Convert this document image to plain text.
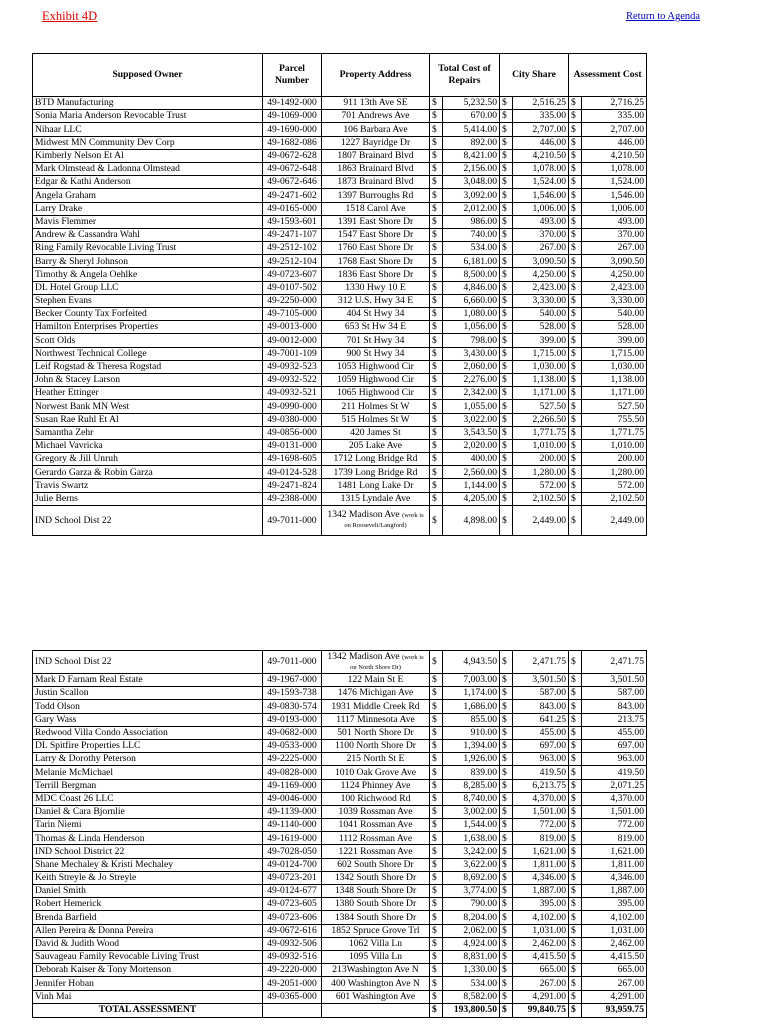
Exhibit 4D	Return to Agenda
Supposed Owner	Parcel Number	Property Address	Total Cost of Repairs		City Share		Assessment Cost	
BTD Manufacturing	49-1492-000	911 13th Ave SE	$	5,232.50	$	2,516.25	$	2,716.25
Sonia Maria Anderson Revocable Trust	49-1069-000	701 Andrews Ave	$	670.00	$	335.00	$	335.00
Nihaar LLC	49-1690-000	106 Barbara Ave	$	5,414.00	$	2,707.00	$	2,707.00
Midwest MN Community Dev Corp	49-1682-086	1227 Bayridge Dr	$	892.00	$	446.00	$	446.00
Kimberly Nelson Et Al	49-0672-628	1807 Brainard Blvd	$	8,421.00	$	4,210.50	$	4,210.50
Mark Olmstead & Ladonna Olmstead	49-0672-648	1863 Brainard Blvd	$	2,156.00	$	1,078.00	$	1,078.00
Edgar & Kathi Anderson	49-0672-646	1873 Brainard Blvd	$	3,048.00	$	1,524.00	$	1,524.00
Angela Graham	49-2471-602	1397 Burroughs Rd	$	3,092.00	$	1,546.00	$	1,546.00
Larry Drake	49-0165-000	1518 Carol Ave	$	2,012.00	$	1,006.00	$	1,006.00
Mavis Flemmer	49-1593-601	1391 East Shore Dr	$	986.00	$	493.00	$	493.00
Andrew & Cassandra Wahl	49-2471-107	1547 East Shore Dr	$	740.00	$	370.00	$	370.00
Ring Family Revocable Living Trust	49-2512-102	1760 East Shore Dr	$	534.00	$	267.00	$	267.00
Barry & Sheryl Johnson	49-2512-104	1768 East Shore Dr	$	6,181.00	$	3,090.50	$	3,090.50
Timothy & Angela Oehlke	49-0723-607	1836 East Shore Dr	$	8,500.00	$	4,250.00	$	4,250.00
DL Hotel Group LLC	49-0107-502	1330 Hwy 10 E	$	4,846.00	$	2,423.00	$	2,423.00
Stephen Evans	49-2250-000	312 U.S. Hwy 34 E	$	6,660.00	$	3,330.00	$	3,330.00
Becker County Tax Forfeited	49-7105-000	404 St Hwy 34	$	1,080.00	$	540.00	$	540.00
Hamilton Enterprises Properties	49-0013-000	653 St Hw 34 E	$	1,056.00	$	528.00	$	528.00
Scott Olds	49-0012-000	701 St Hwy 34	$	798.00	$	399.00	$	399.00
Northwest Technical College	49-7001-109	900 St Hwy 34	$	3,430.00	$	1,715.00	$	1,715.00
Leif Rogstad & Theresa Rogstad	49-0932-523	1053 Highwood Cir	$	2,060.00	$	1,030.00	$	1,030.00
John & Stacey Larson	49-0932-522	1059 Highwood Cir	$	2,276.00	$	1,138.00	$	1,138.00
Heather Ettinger	49-0932-521	1065 Highwood Cir	$	2,342.00	$	1,171.00	$	1,171.00
Norwest Bank MN West	49-0990-000	211 Holmes St W	$	1,055.00	$	527.50	$	527.50
Susan Rae Ruhl Et Al	49-0380-000	515 Holmes St W	$	3,022.00	$	2,266.50	$	755.50
Samantha Zehr	49-0856-000	420 James St	$	3,543.50	$	1,771.75	$	1,771.75
Michael Vavricka	49-0131-000	205 Lake Ave	$	2,020.00	$	1,010.00	$	1,010.00
Gregory & Jill Unruh	49-1698-605	1712 Long Bridge Rd	$	400.00	$	200.00	$	200.00
Gerardo Garza & Robin Garza	49-0124-528	1739 Long Bridge Rd	$	2,560.00	$	1,280.00	$	1,280.00
Travis Swartz	49-2471-824	1481 Long Lake Dr	$	1,144.00	$	572.00	$	572.00
Julie Berns	49-2388-000	1315 Lyndale Ave	$	4,205.00	$	2,102.50	$	2,102.50
IND School Dist 22	49-7011-000	1342 Madison Ave (work is on Roosevelt/Langford)	$	4,898.00	$	2,449.00	$	2,449.00
IND School Dist 22	49-7011-000	1342 Madison Ave (work is on North Shore Dr)	$	4,943.50	$	2,471.75	$	2,471.75
Mark D Farnam Real Estate	49-1967-000	122 Main St E	$	7,003.00	$	3,501.50	$	3,501.50
Justin Scallon	49-1593-738	1476 Michigan Ave	$	1,174.00	$	587.00	$	587.00
Todd Olson	49-0830-574	1931 Middle Creek Rd	$	1,686.00	$	843.00	$	843.00
Gary Wass	49-0193-000	1117 Minnesota Ave	$	855.00	$	641.25	$	213.75
Redwood Villa Condo Association	49-0682-000	501 North Shore Dr	$	910.00	$	455.00	$	455.00
DL Spitfire Properties LLC	49-0533-000	1100 North Shore Dr	$	1,394.00	$	697.00	$	697.00
Larry & Dorothy Peterson	49-2225-000	215 North St E	$	1,926.00	$	963.00	$	963.00
Melanie McMichael	49-0828-000	1010 Oak Grove Ave	$	839.00	$	419.50	$	419.50
Terrill Bergman	49-1169-000	1124 Phinney Ave	$	8,285.00	$	6,213.75	$	2,071.25
MDC Coast 26 LLC	49-0046-000	100 Richwood Rd	$	8,740.00	$	4,370.00	$	4,370.00
Daniel & Cara Bjornlie	49-1139-000	1039 Rossman Ave	$	3,002.00	$	1,501.00	$	1,501.00
Tarin Niemi	49-1140-000	1041 Rossman Ave	$	1,544.00	$	772.00	$	772.00
Thomas & Linda Henderson	49-1619-000	1112 Rossman Ave	$	1,638.00	$	819.00	$	819.00
IND School District 22	49-7028-050	1221 Rossman Ave	$	3,242.00	$	1,621.00	$	1,621.00
Shane Mechaley & Kristi Mechaley	49-0124-700	602 South Shore Dr	$	3,622.00	$	1,811.00	$	1,811.00
Keith Streyle & Jo Streyle	49-0723-201	1342 South Shore Dr	$	8,692.00	$	4,346.00	$	4,346.00
Daniel Smith	49-0124-677	1348 South Shore Dr	$	3,774.00	$	1,887.00	$	1,887.00
Robert Hemerick	49-0723-605	1380 South Shore Dr	$	790.00	$	395.00	$	395.00
Brenda Barfield	49-0723-606	1384 South Shore Dr	$	8,204.00	$	4,102.00	$	4,102.00
Allen Pereira & Donna Pereira	49-0672-616	1852 Spruce Grove Trl	$	2,062.00	$	1,031.00	$	1,031.00
David & Judith Wood	49-0932-506	1062 Villa Ln	$	4,924.00	$	2,462.00	$	2,462.00
Sauvageau Family Revocable Living Trust	49-0932-516	1095 Villa Ln	$	8,831.00	$	4,415.50	$	4,415.50
Deborah Kaiser & Tony Mortenson	49-2220-000	213Washington Ave N	$	1,330.00	$	665.00	$	665.00
Jennifer Hoban	49-2051-000	400 Washington Ave N	$	534.00	$	267.00	$	267.00
Vinh Mai	49-0365-000	601 Washington Ave	$	8,582.00	$	4,291.00	$	4,291.00
TOTAL ASSESSMENT			$	193,800.50	$	99,840.75	$	93,959.75
